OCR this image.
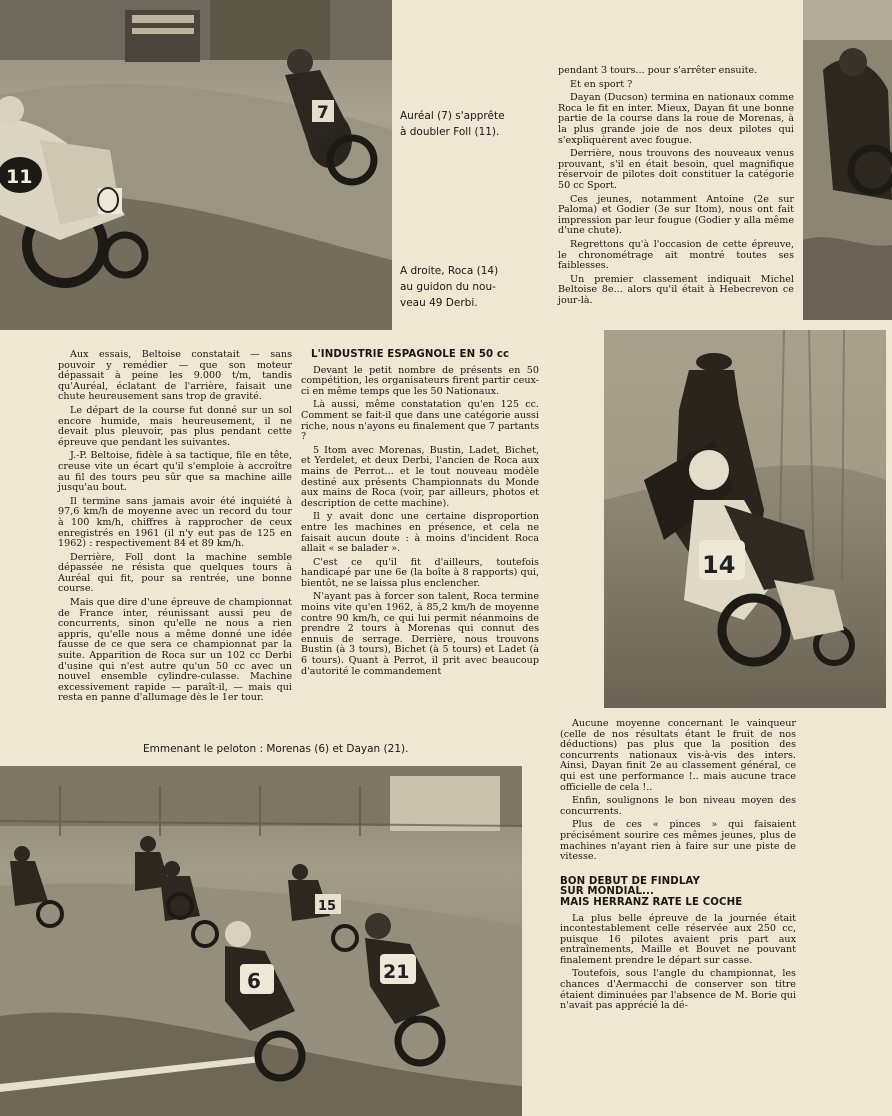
7
11
Auréal (7) s'apprête
à doubler Foll (11).
A droite, Roca (14)
au guidon du nou-
veau 49 Derbi.

pendant 3 tours... pour s'arrêter ensuite.

Et en sport ?

Dayan (Ducson) termina en nationaux comme Roca le fit en inter. Mieux, Dayan fit une bonne partie de la course dans la roue de Morenas, à la plus grande joie de nos deux pilotes qui s'expliquèrent avec fougue.

Derrière, nous trouvons des nouveaux venus prouvant, s'il en était besoin, quel magnifique réservoir de pilotes doit constituer la catégorie 50 cc Sport.

Ces jeunes, notamment Antoine (2e sur Paloma) et Godier (3e sur Itom), nous ont fait impression par leur fougue (Godier y alla même d'une chute).

Regrettons qu'à l'occasion de cette épreuve, le chronométrage ait montré toutes ses faiblesses.

Un premier classement indiquait Michel Beltoise 8e... alors qu'il était à Hebecrevon ce jour-là.

14

Aux essais, Beltoise constatait — sans pouvoir y remédier — que son moteur dépassait à peine les 9.000 t/m, tandis qu'Auréal, éclatant de l'arrière, faisait une chute heureusement sans trop de gravité.

Le départ de la course fut donné sur un sol encore humide, mais heureusement, il ne devait plus pleuvoir, pas plus pendant cette épreuve que pendant les suivantes.

J.-P. Beltoise, fidèle à sa tactique, file en tête, creuse vite un écart qu'il s'emploie à accroître au fil des tours peu sûr que sa machine aille jusqu'au bout.

Il termine sans jamais avoir été inquiété à 97,6 km/h de moyenne avec un record du tour à 100 km/h, chiffres à rapprocher de ceux enregistrés en 1961 (il n'y eut pas de 125 en 1962) : respectivement 84 et 89 km/h.

Derrière, Foll dont la machine semble dépassée ne résista que quelques tours à Auréal qui fit, pour sa rentrée, une bonne course.

Mais que dire d'une épreuve de championnat de France inter, réunissant aussi peu de concurrents, sinon qu'elle ne nous a rien appris, qu'elle nous a même donné une idée fausse de ce que sera ce championnat par la suite. Apparition de Roca sur un 102 cc Derbi d'usine qui n'est autre qu'un 50 cc avec un nouvel ensemble cylindre-culasse. Machine excessivement rapide — paraît-il, — mais qui resta en panne d'allumage dès le 1er tour.

L'INDUSTRIE ESPAGNOLE EN 50 cc

Devant le petit nombre de présents en 50 compétition, les organisateurs firent partir ceux-ci en même temps que les 50 Nationaux.

Là aussi, même constatation qu'en 125 cc. Comment se fait-il que dans une catégorie aussi riche, nous n'ayons eu finalement que 7 partants ?

5 Itom avec Morenas, Bustin, Ladet, Bichet, et Yerdelet, et deux Derbi, l'ancien de Roca aux mains de Perrot... et le tout nouveau modèle destiné aux présents Championnats du Monde aux mains de Roca (voir, par ailleurs, photos et description de cette machine).

Il y avait donc une certaine disproportion entre les machines en présence, et cela ne faisait aucun doute : à moins d'incident Roca allait « se balader ».

C'est ce qu'il fit d'ailleurs, toutefois handicapé par une 6e (la boîte à 8 rapports) qui, bientôt, ne se laissa plus enclencher.

N'ayant pas à forcer son talent, Roca termine moins vite qu'en 1962, à 85,2 km/h de moyenne contre 90 km/h, ce qui lui permit néanmoins de prendre 2 tours à Morenas qui connut des ennuis de serrage. Derrière, nous trouvons Bustin (à 3 tours), Bichet (à 5 tours) et Ladet (à 6 tours). Quant à Perrot, il prit avec beaucoup d'autorité le commandement

Emmenant le peloton : Morenas (6) et Dayan (21).
15
6	21

Aucune moyenne concernant le vainqueur (celle de nos résultats étant le fruit de nos déductions) pas plus que la position des concurrents nationaux vis-à-vis des inters. Ainsi, Dayan finit 2e au classement général, ce qui est une performance !.. mais aucune trace officielle de cela !..

Enfin, soulignons le bon niveau moyen des concurrents.

Plus de ces « pinces » qui faisaient précisément sourire ces mêmes jeunes, plus de machines n'ayant rien à faire sur une piste de vitesse.

BON DEBUT DE FINDLAY
SUR MONDIAL...
MAIS HERRANZ RATE LE COCHE

La plus belle épreuve de la journée était incontestablement celle réservée aux 250 cc, puisque 16 pilotes avaient pris part aux entraînements, Maille et Bouvet ne pouvant finalement prendre le départ sur casse.

Toutefois, sous l'angle du championnat, les chances d'Aermacchi de conserver son titre étaient diminuées par l'absence de M. Borie qui n'avait pas apprécié la dé-
